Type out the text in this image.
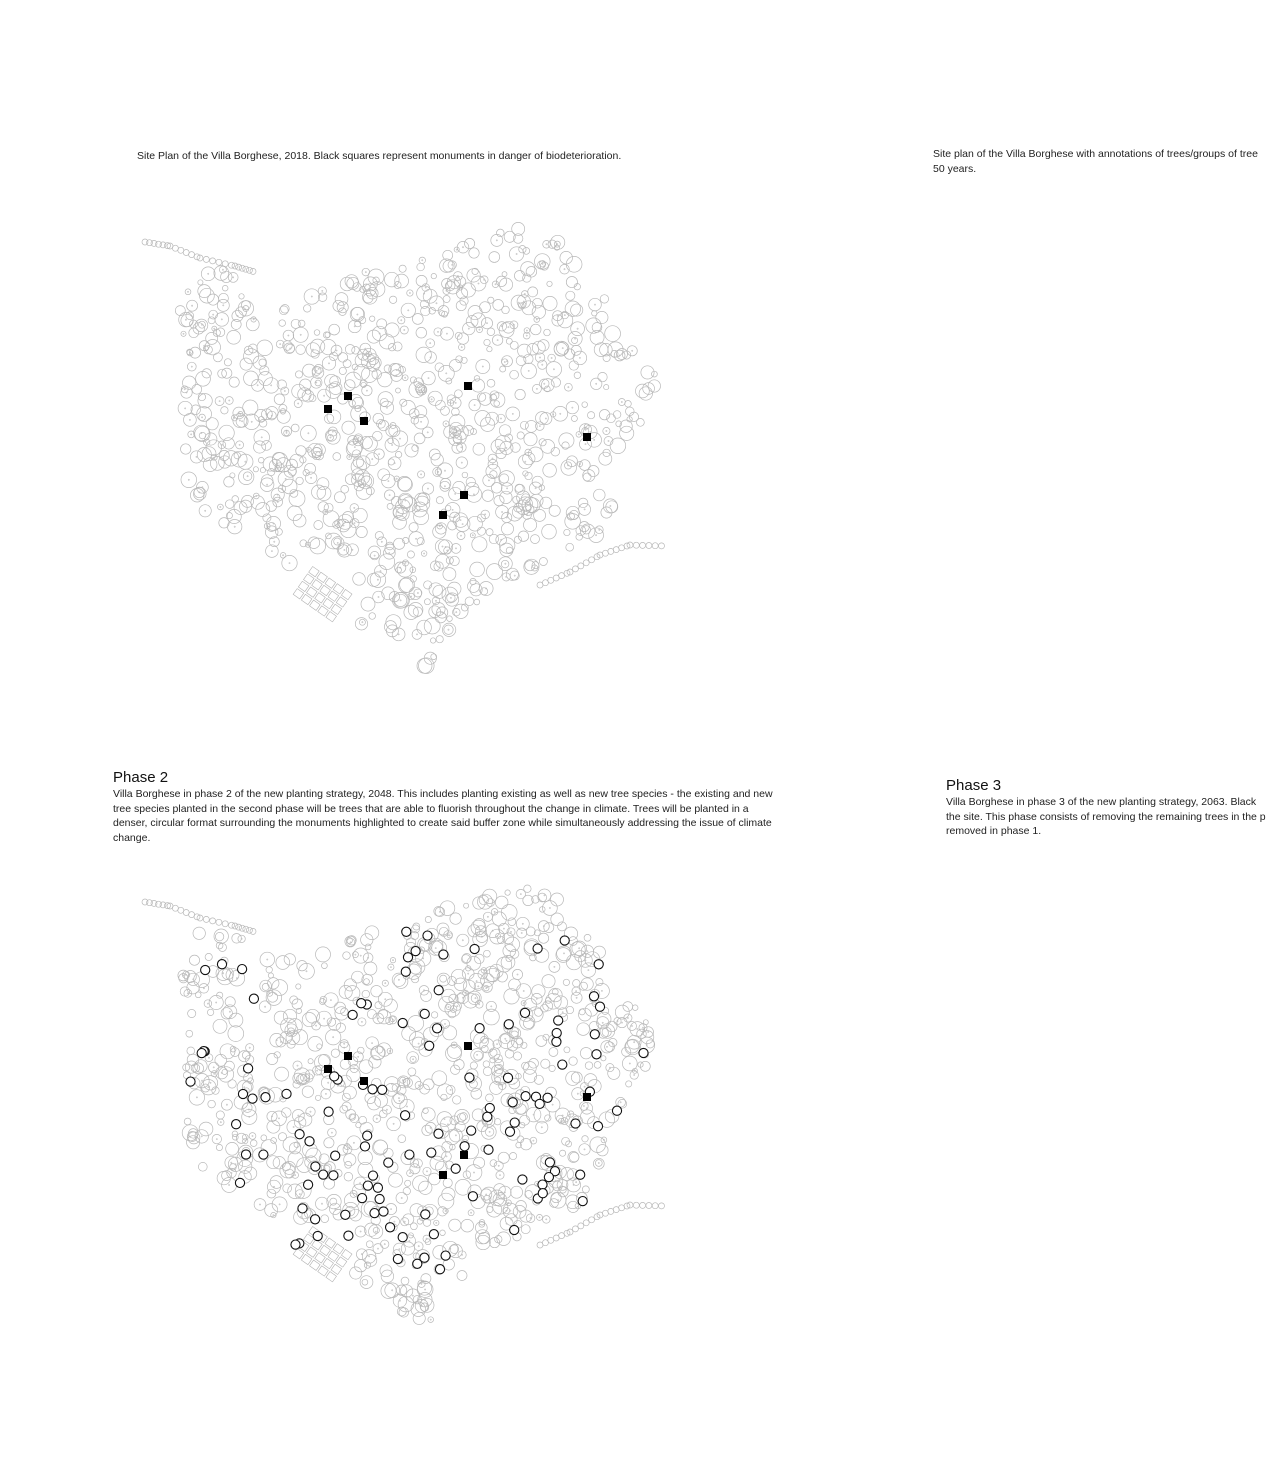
Site Plan of the Villa Borghese, 2018. Black squares represent monuments in danger of biodeterioration.	Site plan of the Villa Borghese with annotations of trees/groups of tree
50 years.
Phase 2

Villa Borghese in phase 2 of the new planting strategy, 2048. This includes planting existing as well as new tree species - the existing and new tree species planted in the second phase will be trees that are able to fluorish throughout the change in climate. Trees will be planted in a denser, circular format surrounding the monuments highlighted to create said buffer zone while simultaneously addressing the issue of climate change.

Phase 3
Villa Borghese in phase 3 of the new planting strategy, 2063. Black
the site. This phase consists of removing the remaining trees in the p
removed in phase 1.
